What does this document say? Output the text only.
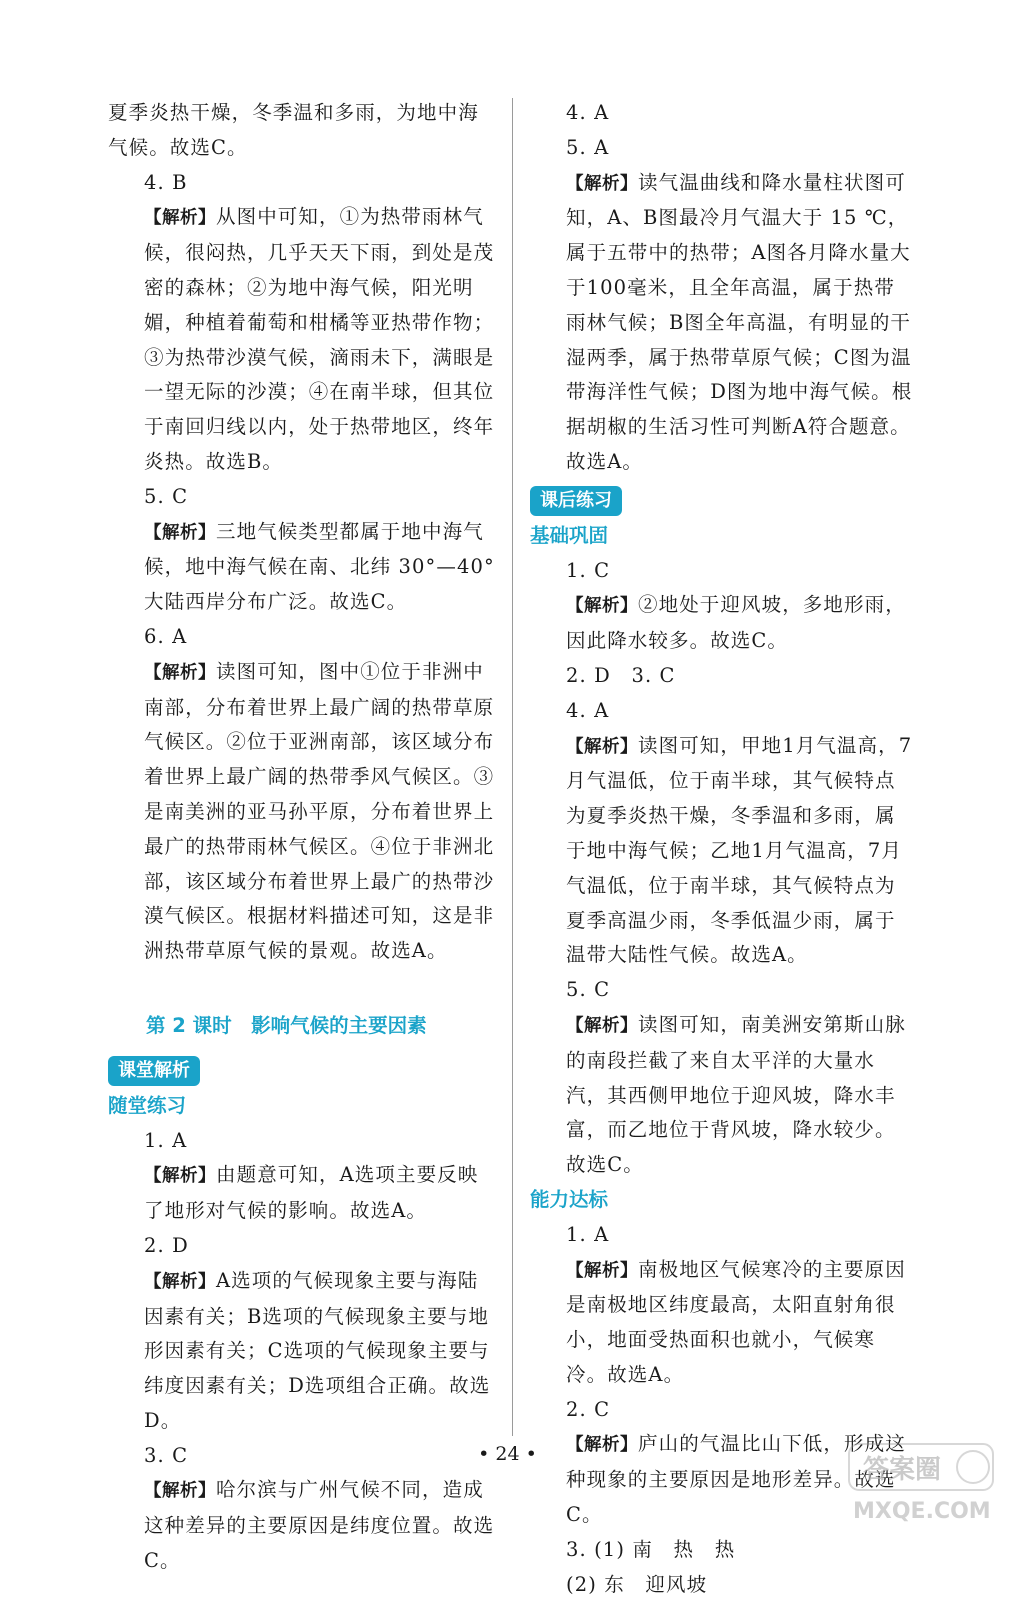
夏季炎热干燥，冬季温和多雨，为地中海气候。故选C。

4. B

【解析】从图中可知，①为热带雨林气候，很闷热，几乎天天下雨，到处是茂密的森林；②为地中海气候，阳光明媚，种植着葡萄和柑橘等亚热带作物；③为热带沙漠气候，滴雨未下，满眼是一望无际的沙漠；④在南半球，但其位于南回归线以内，处于热带地区，终年炎热。故选B。

5. C

【解析】三地气候类型都属于地中海气候，地中海气候在南、北纬 30°—40° 大陆西岸分布广泛。故选C。

6. A

【解析】读图可知，图中①位于非洲中南部，分布着世界上最广阔的热带草原气候区。②位于亚洲南部，该区域分布着世界上最广阔的热带季风气候区。③是南美洲的亚马孙平原，分布着世界上最广的热带雨林气候区。④位于非洲北部，该区域分布着世界上最广的热带沙漠气候区。根据材料描述可知，这是非洲热带草原气候的景观。故选A。

第 2 课时　影响气候的主要因素

课堂解析

随堂练习

1. A

【解析】由题意可知，A选项主要反映了地形对气候的影响。故选A。

2. D

【解析】A选项的气候现象主要与海陆因素有关；B选项的气候现象主要与地形因素有关；C选项的气候现象主要与纬度因素有关；D选项组合正确。故选D。

3. C

【解析】哈尔滨与广州气候不同，造成这种差异的主要原因是纬度位置。故选C。

4. A

5. A

【解析】读气温曲线和降水量柱状图可知，A、B图最冷月气温大于 15 ℃，属于五带中的热带；A图各月降水量大于100毫米，且全年高温，属于热带雨林气候；B图全年高温，有明显的干湿两季，属于热带草原气候；C图为温带海洋性气候；D图为地中海气候。根据胡椒的生活习性可判断A符合题意。故选A。

课后练习

基础巩固

1. C

【解析】②地处于迎风坡，多地形雨，因此降水较多。故选C。

2. D　3. C

4. A

【解析】读图可知，甲地1月气温高，7月气温低，位于南半球，其气候特点为夏季炎热干燥，冬季温和多雨，属于地中海气候；乙地1月气温高，7月气温低，位于南半球，其气候特点为夏季高温少雨，冬季低温少雨，属于温带大陆性气候。故选A。

5. C

【解析】读图可知，南美洲安第斯山脉的南段拦截了来自太平洋的大量水汽，其西侧甲地位于迎风坡，降水丰富，而乙地位于背风坡，降水较少。故选C。

能力达标

1. A

【解析】南极地区气候寒冷的主要原因是南极地区纬度最高，太阳直射角很小，地面受热面积也就小，气候寒冷。故选A。

2. C

【解析】庐山的气温比山下低，形成这种现象的主要原因是地形差异。故选C。

3. (1) 南　热　热

(2) 东　迎风坡

• 24 •
答案圈
MXQE.COM
